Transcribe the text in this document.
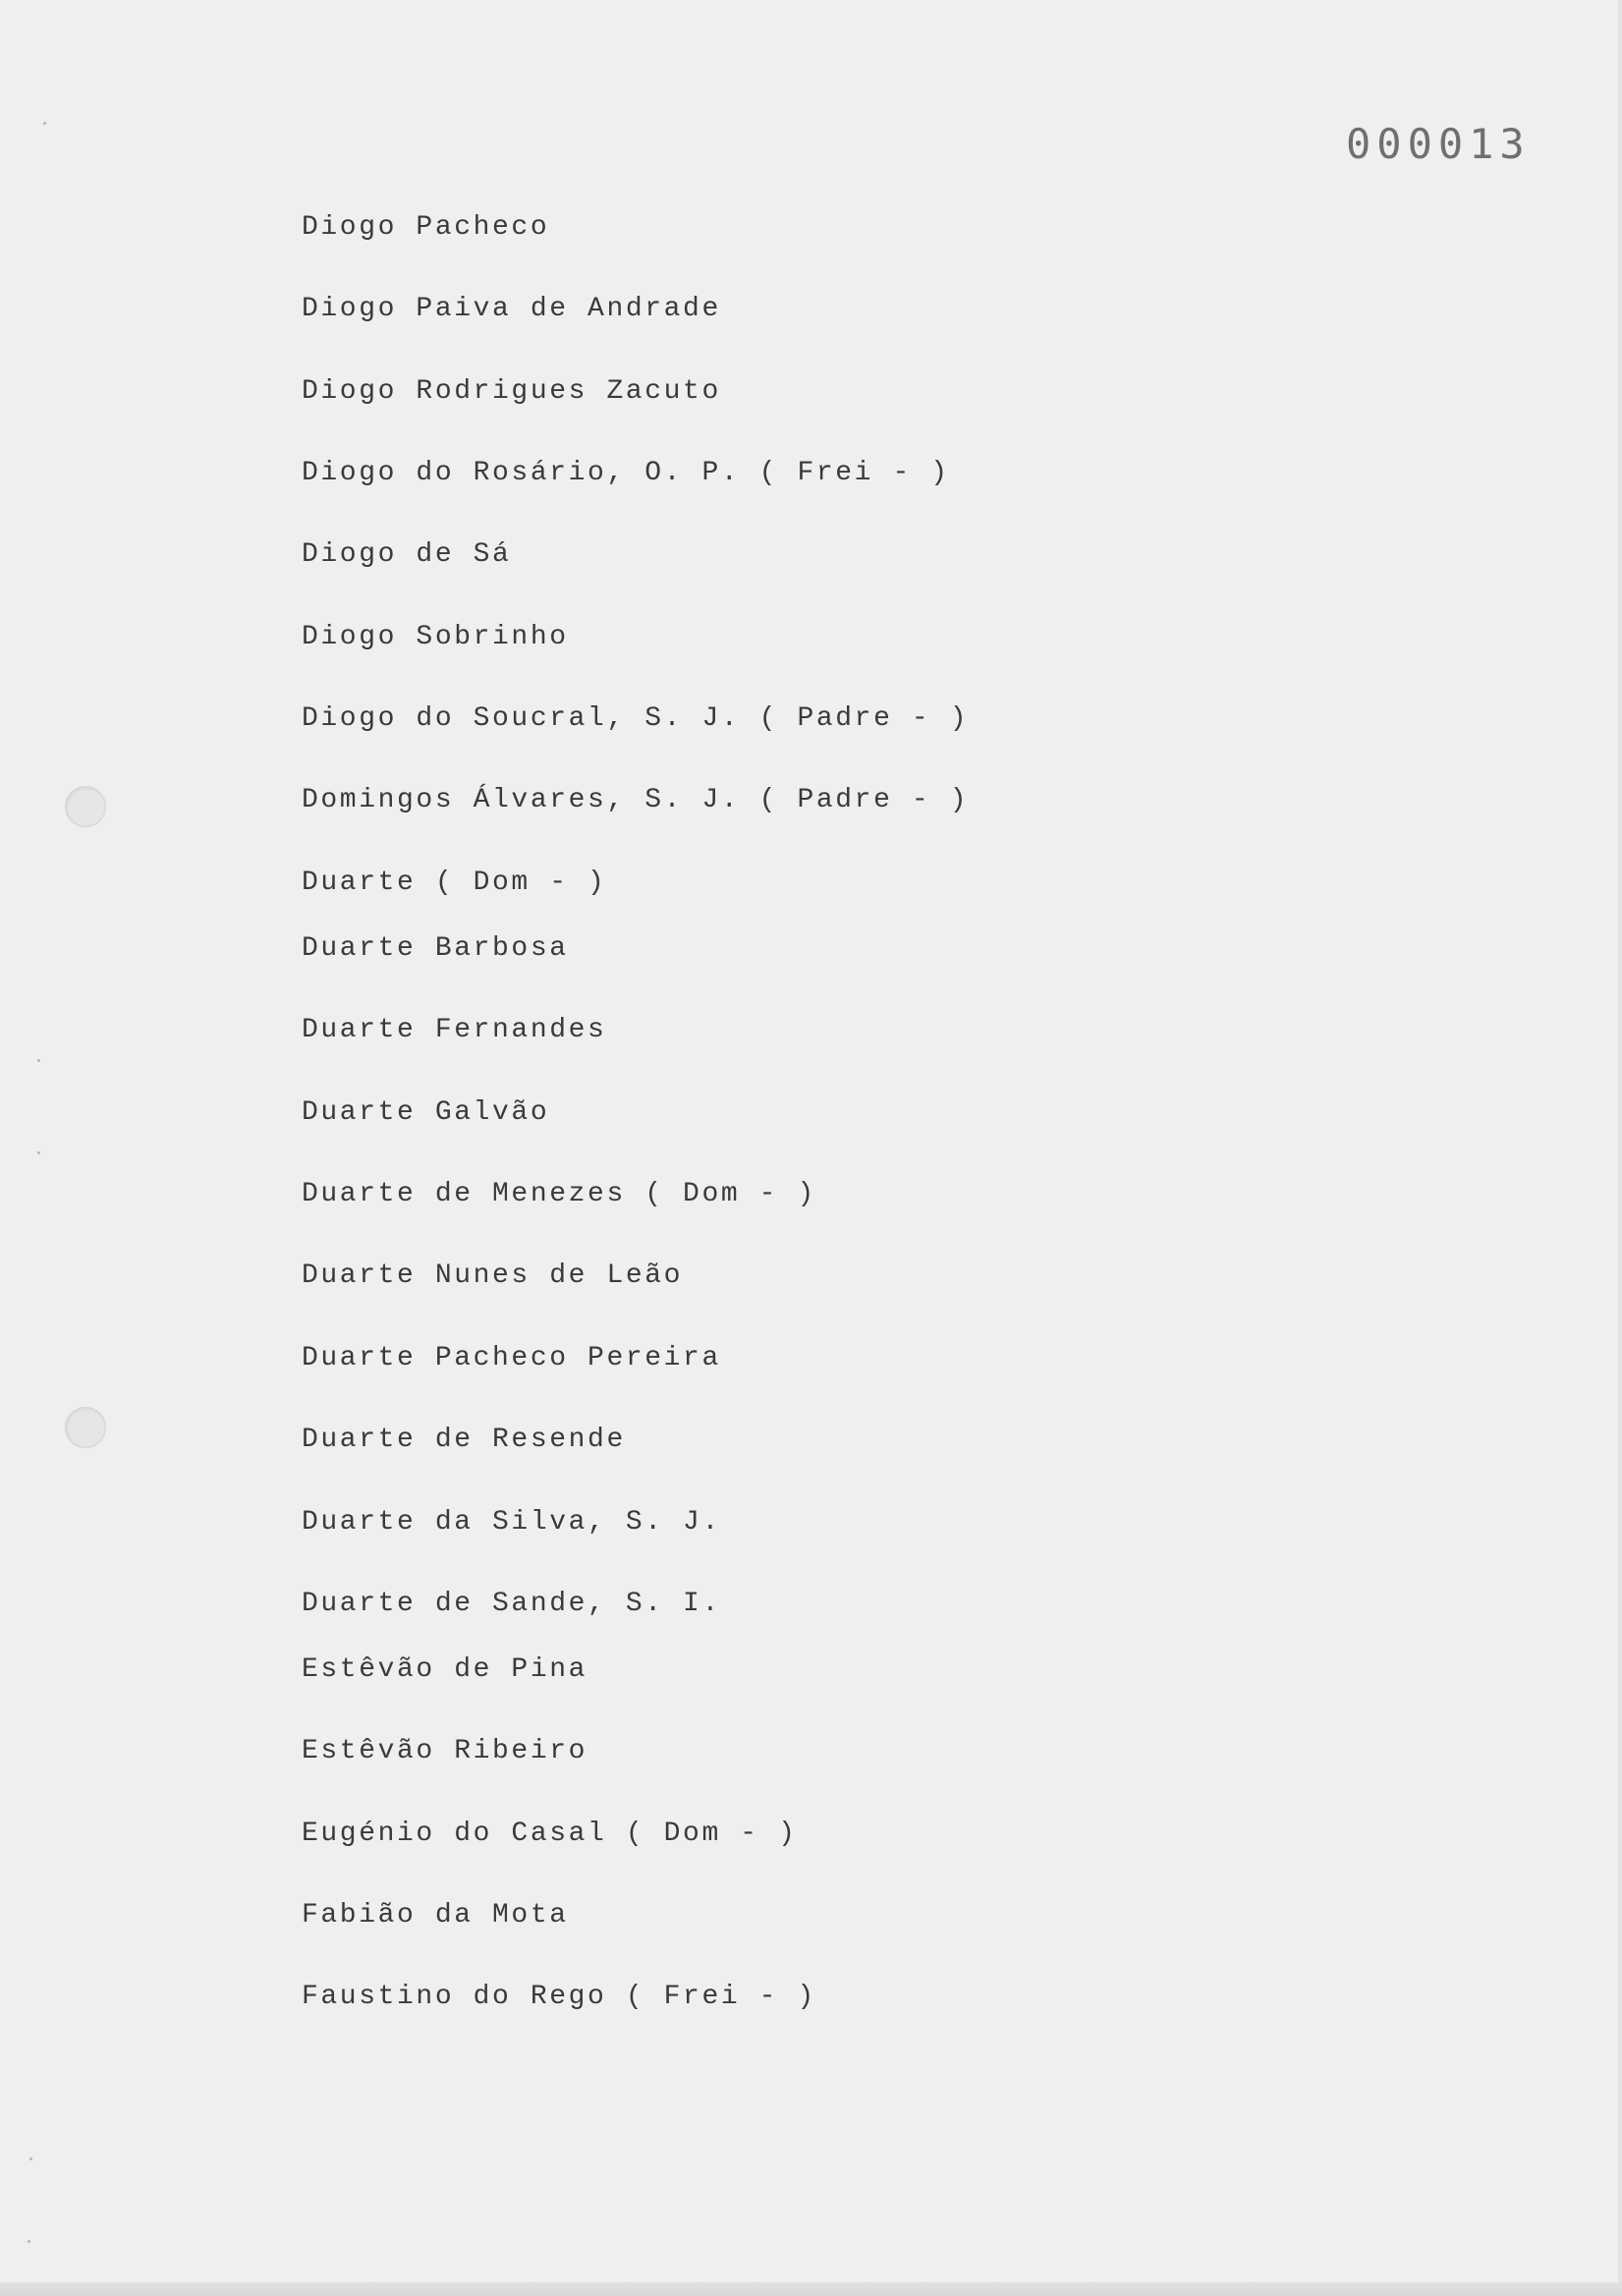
000013
Diogo Pacheco
Diogo Paiva de Andrade
Diogo Rodrigues Zacuto
Diogo do Rosário, O. P. ( Frei - )
Diogo de Sá
Diogo Sobrinho
Diogo do Soucral, S. J. ( Padre - )
Domingos Álvares, S. J. ( Padre - )
Duarte ( Dom - )
Duarte Barbosa
Duarte Fernandes
Duarte Galvão
Duarte de Menezes ( Dom - )
Duarte Nunes de Leão
Duarte Pacheco Pereira
Duarte de Resende
Duarte da Silva, S. J.
Duarte de Sande, S. I.
Estêvão de Pina
Estêvão Ribeiro
Eugénio do Casal ( Dom - )
Fabião da Mota
Faustino do Rego ( Frei - )
